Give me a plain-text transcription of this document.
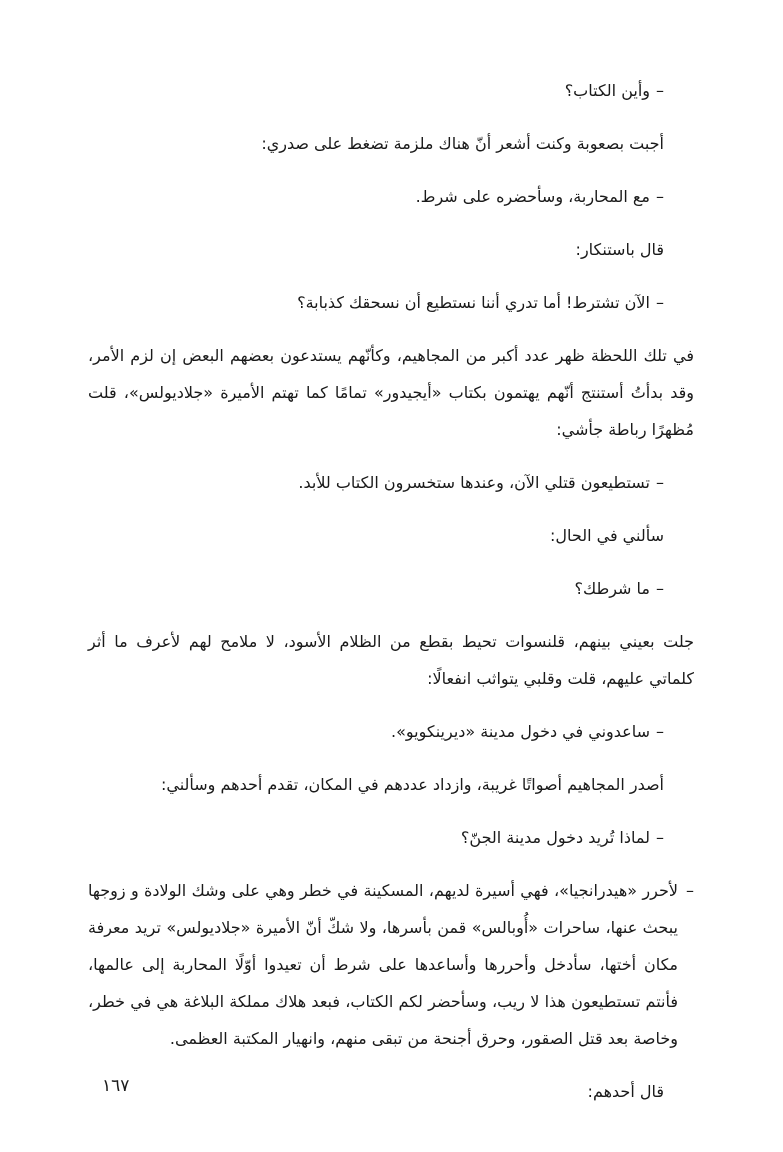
–
وأين الكتاب؟

أجبت بصعوبة وكنت أشعر أنّ هناك ملزمة تضغط على صدري:

–
مع المحاربة، وسأحضره على شرط.

قال باستنكار:

–
الآن تشترط! أما تدري أننا نستطيع أن نسحقك كذبابة؟

في تلك اللحظة ظهر عدد أكبر من المجاهيم، وكأنّهم يستدعون بعضهم البعض إن لزم الأمر، وقد بدأتُ أستنتج أنّهم يهتمون بكتاب «أيجيدور» تمامًا كما تهتم الأميرة «جلاديولس»، قلت مُظهرًا رباطة جأشي:

–
تستطيعون قتلي الآن، وعندها ستخسرون الكتاب للأبد.

سألني في الحال:

–
ما شرطك؟

جلت بعيني بينهم، قلنسوات تحيط بقطع من الظلام الأسود، لا ملامح لهم لأعرف ما أثر كلماتي عليهم، قلت وقلبي يتواثب انفعالًا:

–
ساعدوني في دخول مدينة «ديرينكويو».

أصدر المجاهيم أصواتًا غريبة، وازداد عددهم في المكان، تقدم أحدهم وسألني:

–
لماذا تُريد دخول مدينة الجنّ؟

–
لأحرر «هيدرانجيا»، فهي أسيرة لديهم، المسكينة في خطر وهي على وشك الولادة و زوجها يبحث عنها، ساحرات «أُوبالس» قمن بأسرها، ولا شكّ أنّ الأميرة «جلاديولس» تريد معرفة مكان أختها، سأدخل وأحررها وأساعدها على شرط أن تعيدوا أوّلًا المحاربة إلى عالمها، فأنتم تستطيعون هذا لا ريب، وسأحضر لكم الكتاب، فبعد هلاك مملكة البلاغة هي في خطر، وخاصة بعد قتل الصقور، وحرق أجنحة من تبقى منهم، وانهيار المكتبة العظمى.

قال أحدهم:

١٦٧
